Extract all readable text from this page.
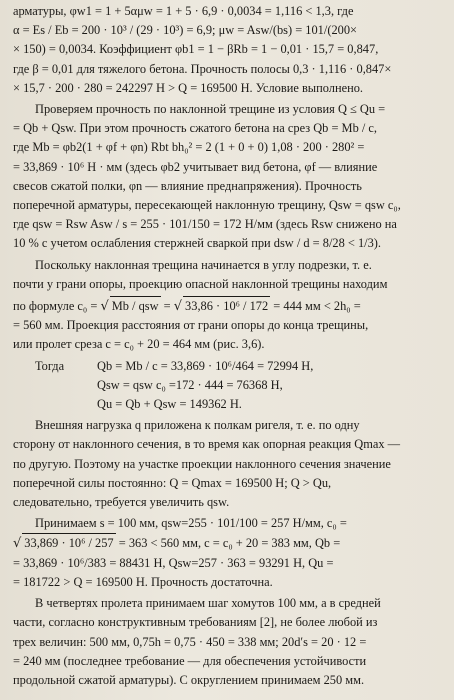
арматуры, φw1 = 1 + 5αμw = 1 + 5 · 6,9 · 0,0034 = 1,116 < 1,3, где
α = Es / Eb = 200 · 10³ / (29 · 10³) = 6,9; μw = Asw/(bs) = 101/(200×
× 150) = 0,0034. Коэффициент φb1 = 1 − βRb = 1 − 0,01 · 15,7 = 0,847,
где β = 0,01 для тяжелого бетона. Прочность полосы 0,3 · 1,116 · 0,847×
× 15,7 · 200 · 280 = 242297 H > Q = 169500 H. Условие выполнено.

Проверяем прочность по наклонной трещине из условия Q ≤ Qu =
= Qb + Qsw. При этом прочность сжатого бетона на срез Qb = Mb / c,
где Mb = φb2(1 + φf + φn) Rbt bh₀² = 2 (1 + 0 + 0) 1,08 · 200 · 280² =
= 33,869 · 10⁶ H · мм (здесь φb2 учитывает вид бетона, φf — влияние
свесов сжатой полки, φn — влияние преднапряжения). Прочность
поперечной арматуры, пересекающей наклонную трещину, Qsw = qsw c₀,
где qsw = Rsw Asw / s = 255 · 101/150 = 172 H/мм (здесь Rsw снижено на
10 % с учетом ослабления стержней сваркой при dsw / d = 8/28 < 1/3).

Поскольку наклонная трещина начинается в углу подрезки, т. е.
почти у грани опоры, проекцию опасной наклонной трещины находим

по формуле c₀ = √ Mb / qsw = √ 33,86 · 10⁶ / 172 = 444 мм < 2h₀ =
= 560 мм. Проекция расстояния от грани опоры до конца трещины,
или пролет среза c = c₀ + 20 = 464 мм (рис. 3,6).

Тогда	Qb = Mb / c = 33,869 · 10⁶/464 = 72994 H,
Qsw = qsw c₀ =172 · 444 = 76368 H,
Qu = Qb + Qsw = 149362 H.

Внешняя нагрузка q приложена к полкам ригеля, т. е. по одну
сторону от наклонного сечения, в то время как опорная реакция Qmax —
по другую. Поэтому на участке проекции наклонного сечения значение
поперечной силы постоянно: Q = Qmax = 169500 H; Q > Qu,
следовательно, требуется увеличить qsw.

Принимаем s = 100 мм, qsw=255 · 101/100 = 257 H/мм, c₀ =
√ 33,869 · 10⁶ / 257 = 363 < 560 мм, c = c₀ + 20 = 383 мм, Qb =
= 33,869 · 10⁶/383 = 88431 H, Qsw=257 · 363 = 93291 H, Qu =
= 181722 > Q = 169500 H. Прочность достаточна.

В четвертях пролета принимаем шаг хомутов 100 мм, а в средней
части, согласно конструктивным требованиям [2], не более любой из
трех величин: 500 мм, 0,75h = 0,75 · 450 = 338 мм; 20d′s = 20 · 12 =
= 240 мм (последнее требование — для обеспечения устойчивости
продольной сжатой арматуры). С округлением принимаем 250 мм.
